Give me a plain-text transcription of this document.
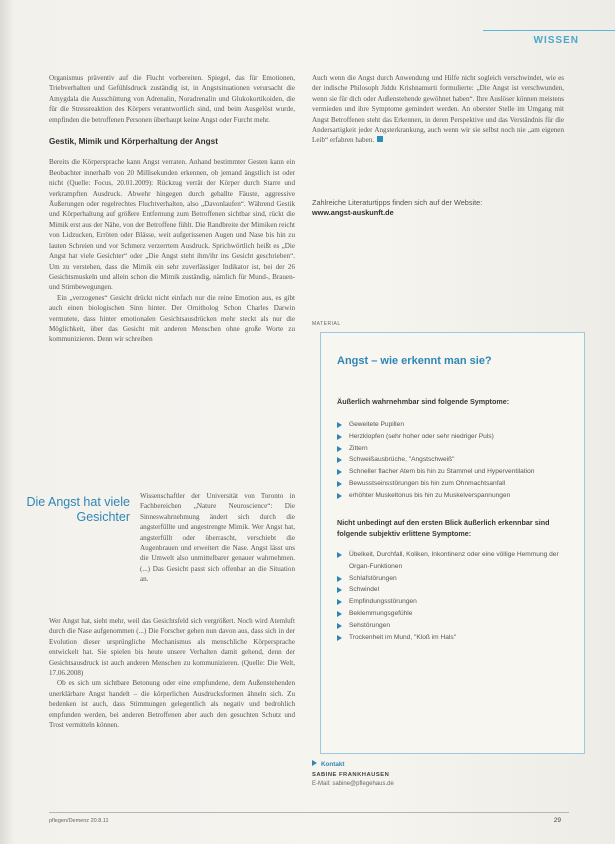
WISSEN

Organismus präventiv auf die Flucht vorbereiten. Spiegel, das für Emotionen, Triebverhalten und Gefühlsdruck zuständig ist, in Angstsituationen verursacht die Amygdala die Ausschüttung von Adrenalin, Noradrenalin und Glukokortikoiden, die für die Stressreaktion des Körpers verantwortlich sind, und beim Ausgelöst wurde, empfinden die betroffenen Personen überhaupt keine Angst oder Furcht mehr.

Gestik, Mimik und Körperhaltung der Angst

Bereits die Körpersprache kann Angst verraten. Anhand bestimmter Gesten kann ein Beobachter innerhalb von 20 Millisekunden erkennen, ob jemand ängstlich ist oder nicht (Quelle: Focus, 20.01.2009): Rückzug verrät der Körper durch Starre und verkrampften Ausdruck. Abwehr hingegen durch geballte Fäuste, aggressive Äußerungen oder regelrechtes Fluchtverhalten, also „Davonlaufen“. Während Gestik und Körperhaltung auf größere Entfernung zum Betroffenen sichtbar sind, rückt die Mimik erst aus der Nähe, von der Betroffene fühlt. Die Randbreite der Mimiken reicht von Lidzucken, Erröten oder Blässe, weit aufgerissenen Augen und Nase bis hin zu lauten Schreien und vor Schmerz verzerrtem Ausdruck. Sprichwörtlich heißt es „Die Angst hat viele Gesichter“ oder „Die Angst steht ihm/ihr ins Gesicht geschrieben“. Um zu verstehen, dass die Mimik ein sehr zuverlässiger Indikator ist, bei der 26 Gesichtsmuskeln und allein schon die Mimik zuständig, nämlich für Mund-, Brauen- und Stirnbewegungen.

Ein „verzogenes“ Gesicht drückt nicht einfach nur die reine Emotion aus, es gibt auch einen biologischen Sinn hinter. Der Ornitholog Schon Charles Darwin vermutete, dass hinter emotionalen Gesichtsausdrücken mehr steckt als nur die Möglichkeit, über das Gesicht mit anderen Menschen ohne große Worte zu kommunizieren. Denn wir schreiben

Die Angst hat viele Gesichter

Wissenschaftler der Universität von Toronto in Fachbereichen „Nature Neuroscience“: Die Sinneswahrnehmung ändert sich durch die angsterfüllte und angestrengte Mimik. Wer Angst hat, angsterfüllt oder überrascht, verschiebt die Augenbrauen und erweitert die Nase. Angst lässt uns die Umwelt also unmittelbarer genauer wahrnehmen. (...) Das Gesicht passt sich offenbar an die Situation an.

Wer Angst hat, sieht mehr, weil das Gesichtsfeld sich vergrößert. Noch wird Atemluft durch die Nase aufgenommen (...) Die Forscher gehen nun davon aus, dass sich in der Evolution dieser ursprüngliche Mechanismus als menschliche Körpersprache entwickelt hat. Sie spielen bis heute unsere Verhalten damit gehend, denn der Gesichtsausdruck ist auch anderen Menschen zu kommunizieren. (Quelle: Die Welt, 17.06.2008)

Ob es sich um sichtbare Betonung oder eine empfundene, dem Außenstehenden unerklärbare Angst handelt – die körperlichen Ausdrucksformen ähneln sich. Zu bedenken ist auch, dass Stimmungen gelegentlich als negativ und bedrohlich empfunden werden, bei anderen Betroffenen aber auch den gesuchten Schutz und Trost vermitteln können.

Auch wenn die Angst durch Anwendung und Hilfe nicht sogleich verschwindet, wie es der indische Philosoph Jiddu Krishnamurti formulierte: „Die Angst ist verschwunden, wenn sie für dich oder Außenstehende gewöhnet haben“. Ihre Auslöser können meistens vermieden und ihre Symptome gemindert werden. An oberster Stelle im Umgang mit Angst Betroffenen steht das Erkennen, in deren Perspektive und das Verständnis für die Andersartigkeit jeder Angsterkrankung, auch wenn wir sie selbst noch nie „am eigenen Leib“ erfahren haben.

Zahlreiche Literaturtipps finden sich auf der Website:
www.angst-auskunft.de
MATERIAL
Angst – wie erkennt man sie?
Äußerlich wahrnehmbar sind folgende Symptome:
Geweitete Pupillen
Herzklopfen (sehr hoher oder sehr niedriger Puls)
Zittern
Schweißausbrüche, "Angstschweiß"
Schneller flacher Atem bis hin zu Stammel und Hyperventilation
Bewusstseinsstörungen bis hin zum Ohnmachtsanfall
erhöhter Muskeltonus bis hin zu Muskelverspannungen
Nicht unbedingt auf den ersten Blick äußerlich erkennbar sind folgende subjektiv erlittene Symptome:
Übelkeit, Durchfall, Koliken, Inkontinenz oder eine völlige Hemmung der Organ-Funktionen
Schlafstörungen
Schwindel
Empfindungsstörungen
Beklemmungsgefühle
Sehstörungen
Trockenheit im Mund, "Kloß im Hals"
Kontakt
SABINE FRANKHAUSEN
E-Mail: sabine@pflegehaus.de
pflegen/Demenz 20.8.11	29
